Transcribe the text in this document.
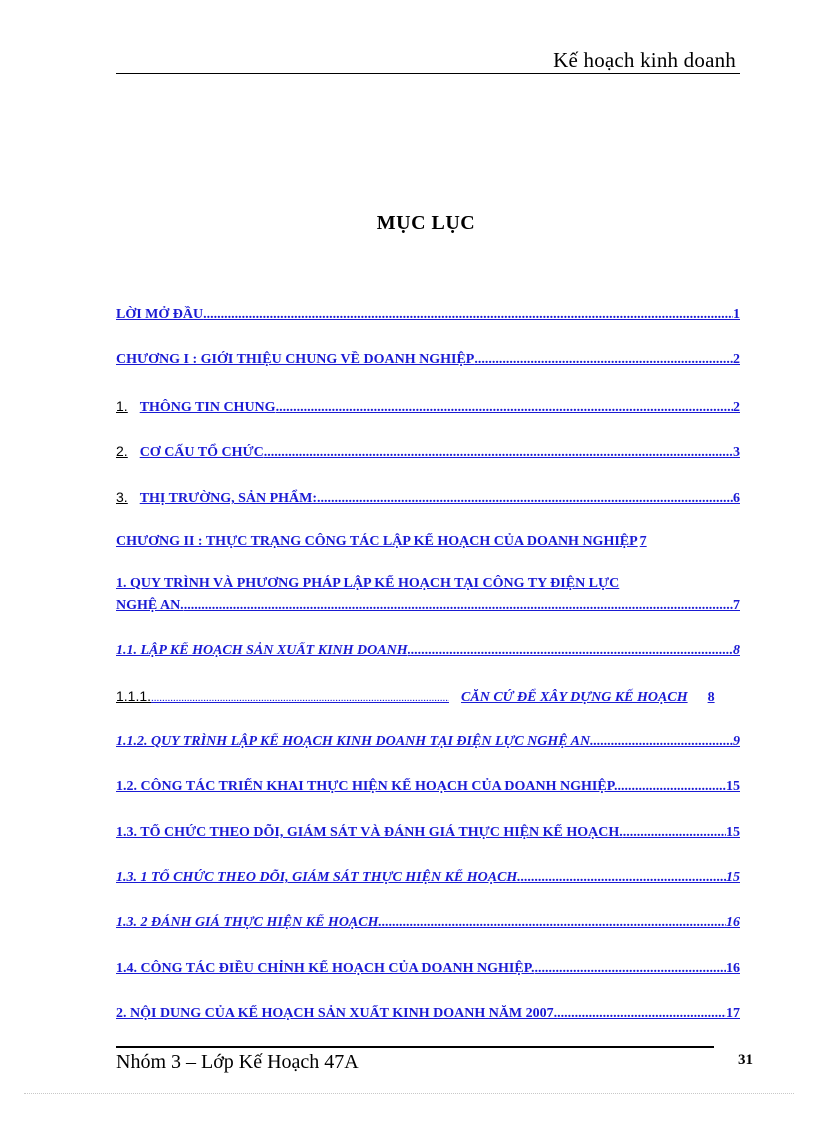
Kế hoạch kinh doanh
MỤC LỤC
LỜI MỞ ĐẦU .....	1
CHƯƠNG I : GIỚI THIỆU CHUNG VỀ DOANH NGHIỆP .....	2
1. THÔNG TIN CHUNG .....	2
2. CƠ CẤU TỔ CHỨC .....	3
3. THỊ TRƯỜNG, SẢN PHẨM: .....	6
CHƯƠNG II : THỰC TRẠNG CÔNG TÁC LẬP KẾ HOẠCH CỦA DOANH NGHIỆP 7
1. QUY TRÌNH VÀ PHƯƠNG PHÁP LẬP KẾ HOẠCH TẠI CÔNG TY ĐIỆN LỰC
NGHỆ AN. .....	7
1.1. LẬP KẾ HOẠCH SẢN XUẤT KINH DOANH .....	8
1.1.1. .....	CĂN CỨ ĐỂ XÂY DỰNG KẾ HOẠCH 8
1.1.2. QUY TRÌNH LẬP KẾ HOẠCH KINH DOANH TẠI ĐIỆN LỰC NGHỆ AN .....	9
1.2. CÔNG TÁC TRIỂN KHAI THỰC HIỆN KẾ HOẠCH CỦA DOANH NGHIỆP. .....	15
1.3. TỔ CHỨC THEO DÕI, GIÁM SÁT VÀ ĐÁNH GIÁ THỰC HIỆN KẾ HOẠCH. .....	15
1.3. 1 TỔ CHỨC THEO DÕI, GIÁM SÁT THỰC HIỆN KẾ HOẠCH. .....	15
1.3. 2 ĐÁNH GIÁ THỰC HIỆN KẾ HOẠCH. .....	16
1.4. CÔNG TÁC ĐIỀU CHỈNH KẾ HOẠCH CỦA DOANH NGHIỆP. .....	16
2. NỘI DUNG CỦA KẾ HOẠCH SẢN XUẤT KINH DOANH NĂM 2007. .....	17
Nhóm 3 – Lớp Kế Hoạch 47A	31
